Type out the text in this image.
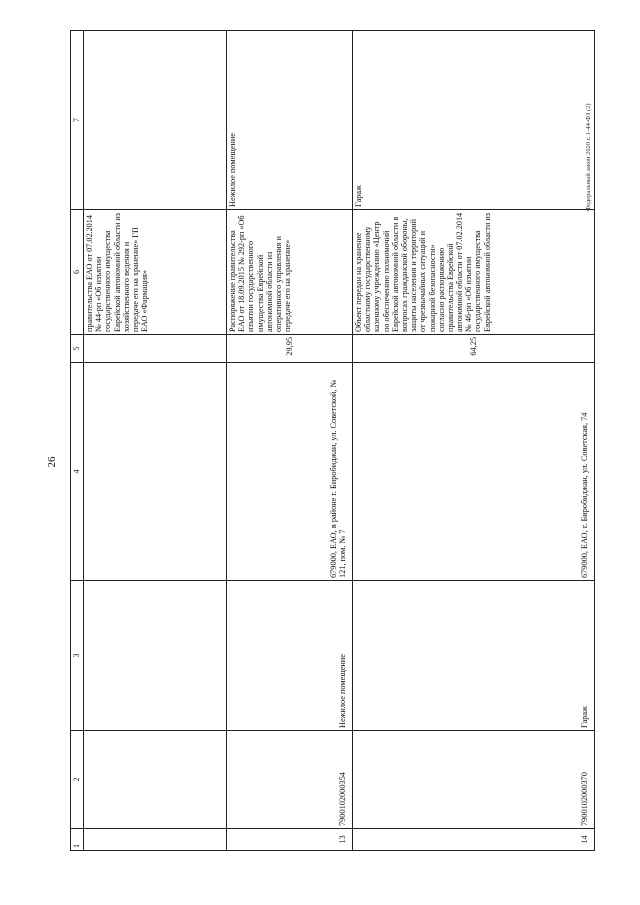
26
1	2	3	4	5	6	7
					правительства ЕАО от 07.02.2014 № 44-рп «Об изъятии государственного имущества Еврейской автономной области из хозяйственного ведения и передаче его на хранение» ГП ЕАО «Фармация»	
13	7900102000354	Нежилое помещение	679000, ЕАО, в районе г. Биробиджан, ул. Советской, № 121, пом. № 7	29,95	Распоряжение правительства ЕАО от 18.09.2015 № 292-рп «Об изъятии государственного имущества Еврейской автономной области из оперативного управления и передаче его на хранение»	Нежилое помещение
14	7900102000370	Гараж	679000, ЕАО, г. Биробиджан, ул. Советская, 74	64,25	Объект передан на хранение областному государственному казенному учреждению «Центр по обеспечению полномочий Еврейской автономной области в вопросах гражданской обороны, защиты населения и территорий от чрезвычайных ситуаций и пожарной безопасности» согласно распоряжению правительства Еврейской автономной области от 07.02.2014 № 46-рп «Об изъятии государственного имущества Еврейской автономной области из	Гараж Федеральный закон 2020 г. 1-44-ФЗ (2)
